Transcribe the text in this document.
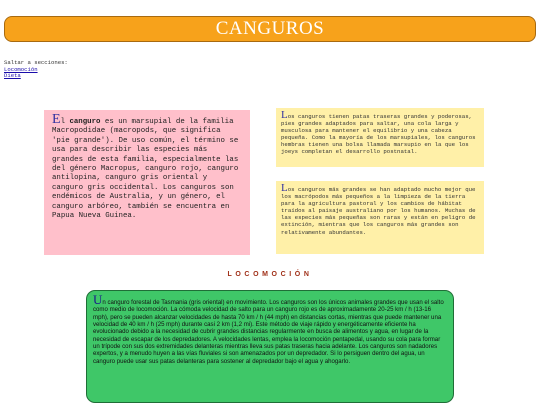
CANGUROS
Saltar a secciones:
Locomoción
Dieta
El canguro es un marsupial de la familia Macropodidae (macropods, que significa 'pie grande'). De uso común, el término se usa para describir las especies más grandes de esta familia, especialmente las del género Macropus, canguro rojo, canguro antilopina, canguro gris oriental y canguro gris occidental. Los canguros son endémicos de Australia, y un género, el canguro arbóreo, también se encuentra en Papua Nueva Guinea.
Los canguros tienen patas traseras grandes y poderosas, pies grandes adaptados para saltar, una cola larga y musculosa para mantener el equilibrio y una cabeza pequeña. Como la mayoría de los marsupiales, los canguros hembras tienen una bolsa llamada marsupio en la que los joeys completan el desarrollo postnatal.
Los canguros más grandes se han adaptado mucho mejor que los macrópodos más pequeños a la limpieza de la tierra para la agricultura pastoral y los cambios de hábitat traídos al paisaje australiano por los humanos. Muchas de las especies más pequeñas son raras y están en peligro de extinción, mientras que los canguros más grandes son relativamente abundantes.
LOCOMOCIÓN
Un canguro forestal de Tasmania (gris oriental) en movimiento. Los canguros son los únicos animales grandes que usan el salto como medio de locomoción. La cómoda velocidad de salto para un canguro rojo es de aproximadamente 20-25 km / h (13-16 mph), pero se pueden alcanzar velocidades de hasta 70 km / h (44 mph) en distancias cortas, mientras que puede mantener una velocidad de 40 km / h (25 mph) durante casi 2 km (1,2 mi). Este método de viaje rápido y energéticamente eficiente ha evolucionado debido a la necesidad de cubrir grandes distancias regularmente en busca de alimentos y agua, en lugar de la necesidad de escapar de los depredadores. A velocidades lentas, emplea la locomoción pentapedal, usando su cola para formar un trípode con sus dos extremidades delanteras mientras lleva sus patas traseras hacia adelante. Los canguros son nadadores expertos, y a menudo huyen a las vías fluviales si son amenazados por un depredador. Si lo persiguen dentro del agua, un canguro puede usar sus patas delanteras para sostener al depredador bajo el agua y ahogarlo.
